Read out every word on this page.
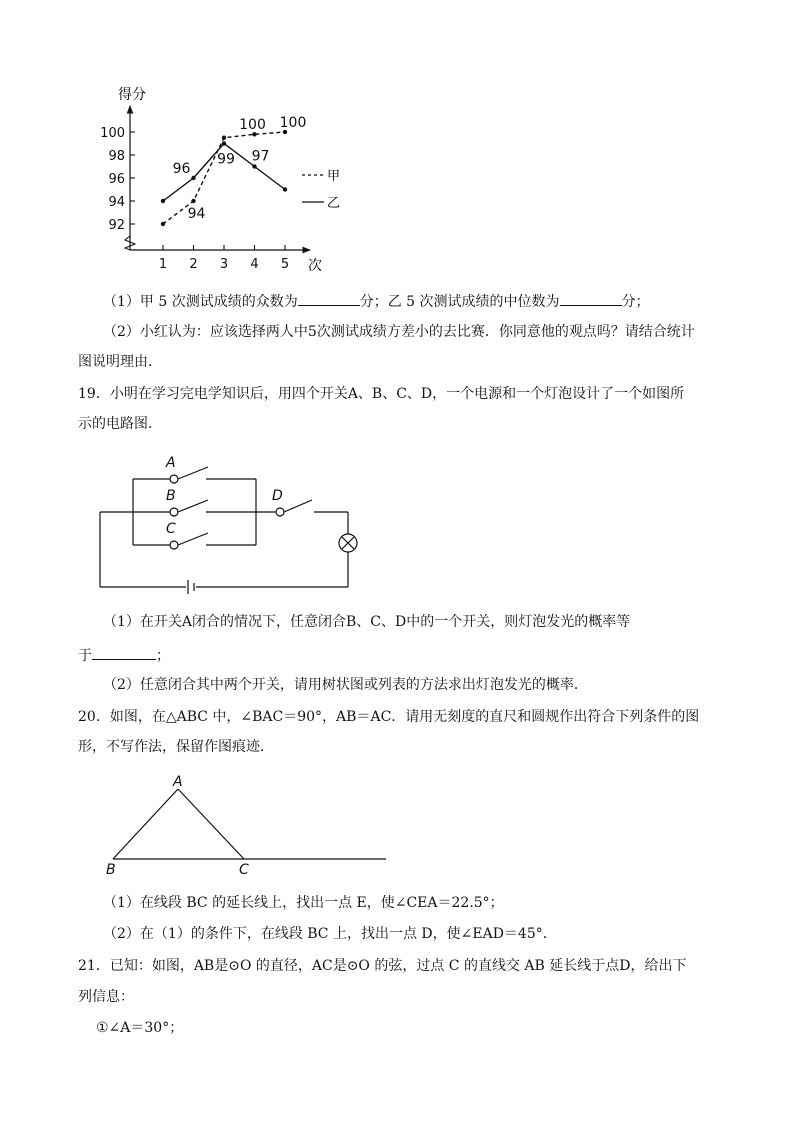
得分
次
92
94
96
98
100
1 2 3 4 5
96
94
99 97
100 100
甲
乙
（1）甲 5 次测试成绩的众数为	分；乙 5 次测试成绩的中位数为	分；
（2）小红认为：应该选择两人中5次测试成绩方差小的去比赛．你同意他的观点吗？请结合统计
图说明理由．
19．小明在学习完电学知识后，用四个开关A、B、C、D，一个电源和一个灯泡设计了一个如图所
示的电路图．
A
B
C
D
（1）在开关A闭合的情况下，任意闭合B、C、D中的一个开关，则灯泡发光的概率等
于	；
（2）任意闭合其中两个开关，请用树状图或列表的方法求出灯泡发光的概率．
20．如图，在△ABC 中，∠BAC＝90°，AB＝AC．请用无刻度的直尺和圆规作出符合下列条件的图
形，不写作法，保留作图痕迹．
A
B	C
（1）在线段 BC 的延长线上，找出一点 E，使∠CEA＝22.5°；
（2）在（1）的条件下，在线段 BC 上，找出一点 D，使∠EAD＝45°．
21．已知：如图，AB是⊙O 的直径，AC是⊙O 的弦，过点 C 的直线交 AB 延长线于点D，给出下
列信息：
①∠A＝30°；
